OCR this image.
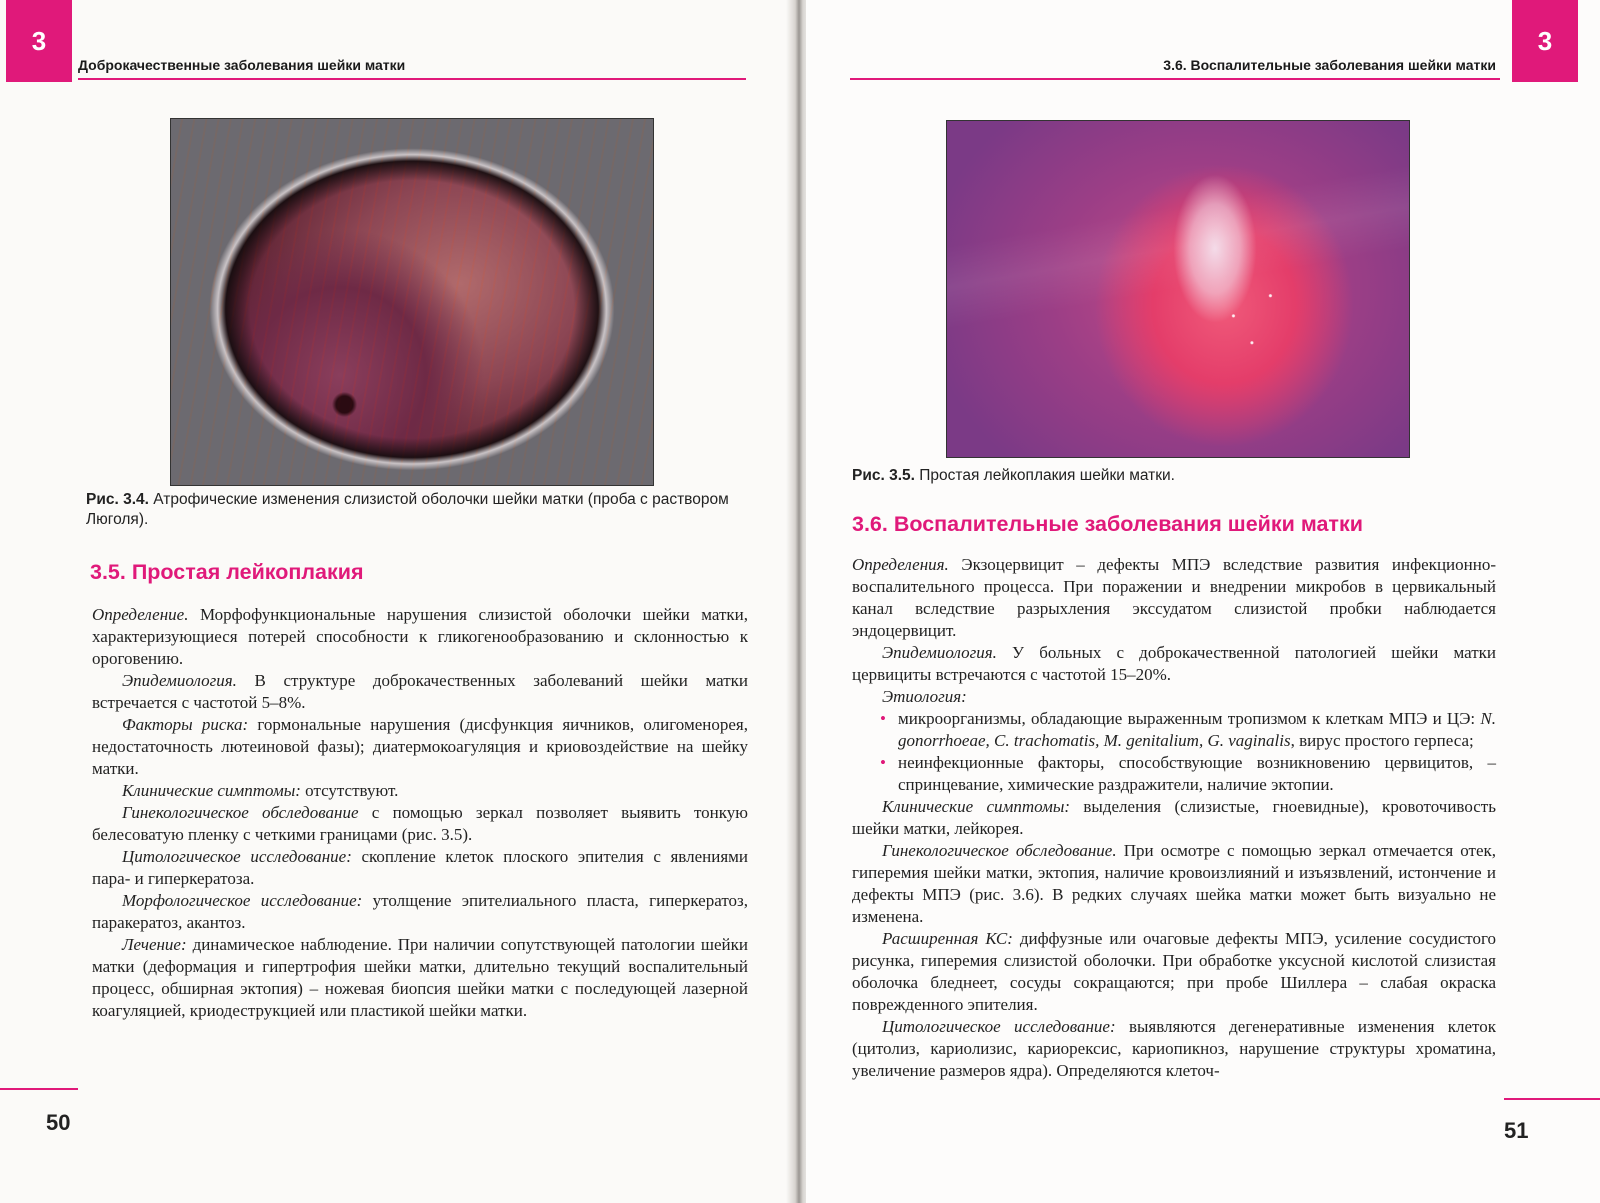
3
Доброкачественные заболевания шейки матки
Рис. 3.4. Атрофические изменения слизистой оболочки шейки матки (проба с раствором Люголя).
3.5. Простая лейкоплакия

Определение. Морфофункциональные нарушения слизистой оболочки шейки матки, характеризующиеся потерей способности к гликогенообразованию и склонностью к ороговению.

Эпидемиология. В структуре доброкачественных заболеваний шейки матки встречается с частотой 5–8%.

Факторы риска: гормональные нарушения (дисфункция яичников, олигоменорея, недостаточность лютеиновой фазы); диатермокоагуляция и криовоздействие на шейку матки.

Клинические симптомы: отсутствуют.

Гинекологическое обследование с помощью зеркал позволяет выявить тонкую белесоватую пленку с четкими границами (рис. 3.5).

Цитологическое исследование: скопление клеток плоского эпителия с явлениями пара- и гиперкератоза.

Морфологическое исследование: утолщение эпителиального пласта, гиперкератоз, паракератоз, акантоз.

Лечение: динамическое наблюдение. При наличии сопутствующей патологии шейки матки (деформация и гипертрофия шейки матки, длительно текущий воспалительный процесс, обширная эктопия) – ножевая биопсия шейки матки с последующей лазерной коагуляцией, криодеструкцией или пластикой шейки матки.

50
3
3.6. Воспалительные заболевания шейки матки
Рис. 3.5. Простая лейкоплакия шейки матки.
3.6. Воспалительные заболевания шейки матки

Определения. Экзоцервицит – дефекты МПЭ вследствие развития инфекционно-воспалительного процесса. При поражении и внедрении микробов в цервикальный канал вследствие разрыхления экссудатом слизистой пробки наблюдается эндоцервицит.

Эпидемиология. У больных с доброкачественной патологией шейки матки цервициты встречаются с частотой 15–20%.

Этиология:

• микроорганизмы, обладающие выраженным тропизмом к клеткам МПЭ и ЦЭ: N. gonorrhoeae, C. trachomatis, M. genitalium, G. vaginalis, вирус простого герпеса;
• неинфекционные факторы, способствующие возникновению цервицитов, – спринцевание, химические раздражители, наличие эктопии.

Клинические симптомы: выделения (слизистые, гноевидные), кровоточивость шейки матки, лейкорея.

Гинекологическое обследование. При осмотре с помощью зеркал отмечается отек, гиперемия шейки матки, эктопия, наличие кровоизлияний и изъязвлений, истончение и дефекты МПЭ (рис. 3.6). В редких случаях шейка матки может быть визуально не изменена.

Расширенная КС: диффузные или очаговые дефекты МПЭ, усиление сосудистого рисунка, гиперемия слизистой оболочки. При обработке уксусной кислотой слизистая оболочка бледнеет, сосуды сокращаются; при пробе Шиллера – слабая окраска поврежденного эпителия.

Цитологическое исследование: выявляются дегенеративные изменения клеток (цитолиз, кариолизис, кариорексис, кариопикноз, нарушение структуры хроматина, увеличение размеров ядра). Определяются клеточ-

51
